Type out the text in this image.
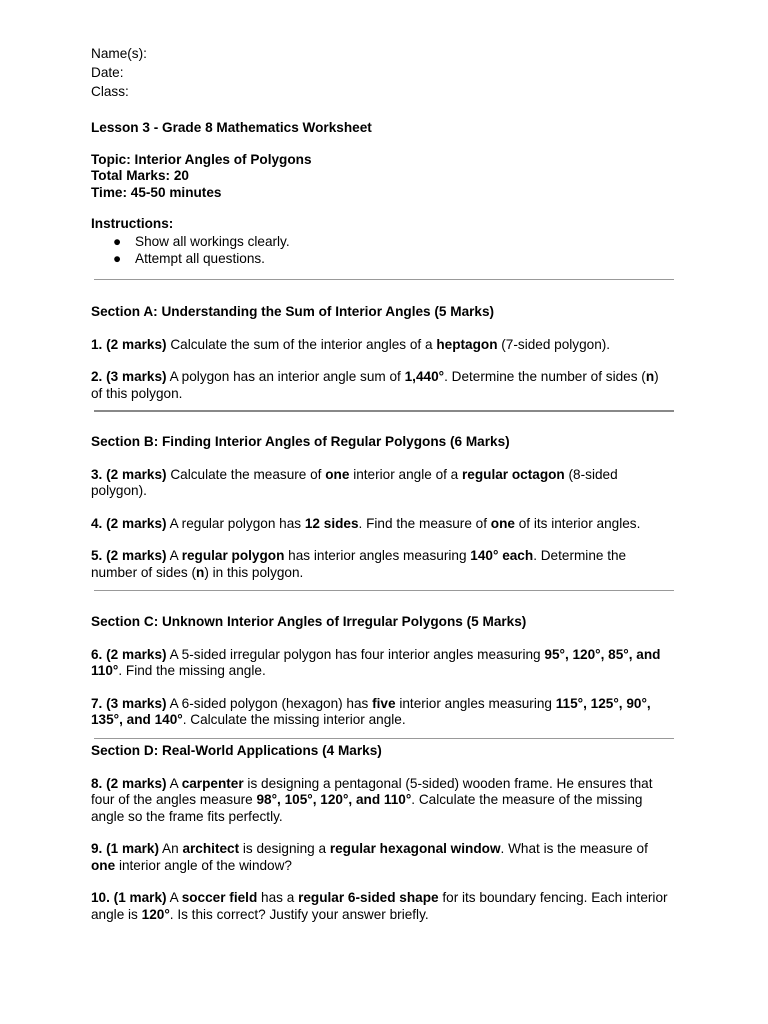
Name(s):
Date:
Class:
Lesson 3 - Grade 8 Mathematics Worksheet
Topic: Interior Angles of Polygons
Total Marks: 20
Time: 45-50 minutes
Instructions:
● Show all workings clearly.
● Attempt all questions.
Section A: Understanding the Sum of Interior Angles (5 Marks)
1. (2 marks) Calculate the sum of the interior angles of a heptagon (7-sided polygon).
2. (3 marks) A polygon has an interior angle sum of 1,440°. Determine the number of sides (n)
of this polygon.
Section B: Finding Interior Angles of Regular Polygons (6 Marks)
3. (2 marks) Calculate the measure of one interior angle of a regular octagon (8-sided
polygon).
4. (2 marks) A regular polygon has 12 sides. Find the measure of one of its interior angles.
5. (2 marks) A regular polygon has interior angles measuring 140° each. Determine the
number of sides (n) in this polygon.
Section C: Unknown Interior Angles of Irregular Polygons (5 Marks)
6. (2 marks) A 5-sided irregular polygon has four interior angles measuring 95°, 120°, 85°, and
110°. Find the missing angle.
7. (3 marks) A 6-sided polygon (hexagon) has five interior angles measuring 115°, 125°, 90°,
135°, and 140°. Calculate the missing interior angle.
Section D: Real-World Applications (4 Marks)
8. (2 marks) A carpenter is designing a pentagonal (5-sided) wooden frame. He ensures that
four of the angles measure 98°, 105°, 120°, and 110°. Calculate the measure of the missing
angle so the frame fits perfectly.
9. (1 mark) An architect is designing a regular hexagonal window. What is the measure of
one interior angle of the window?
10. (1 mark) A soccer field has a regular 6-sided shape for its boundary fencing. Each interior
angle is 120°. Is this correct? Justify your answer briefly.
